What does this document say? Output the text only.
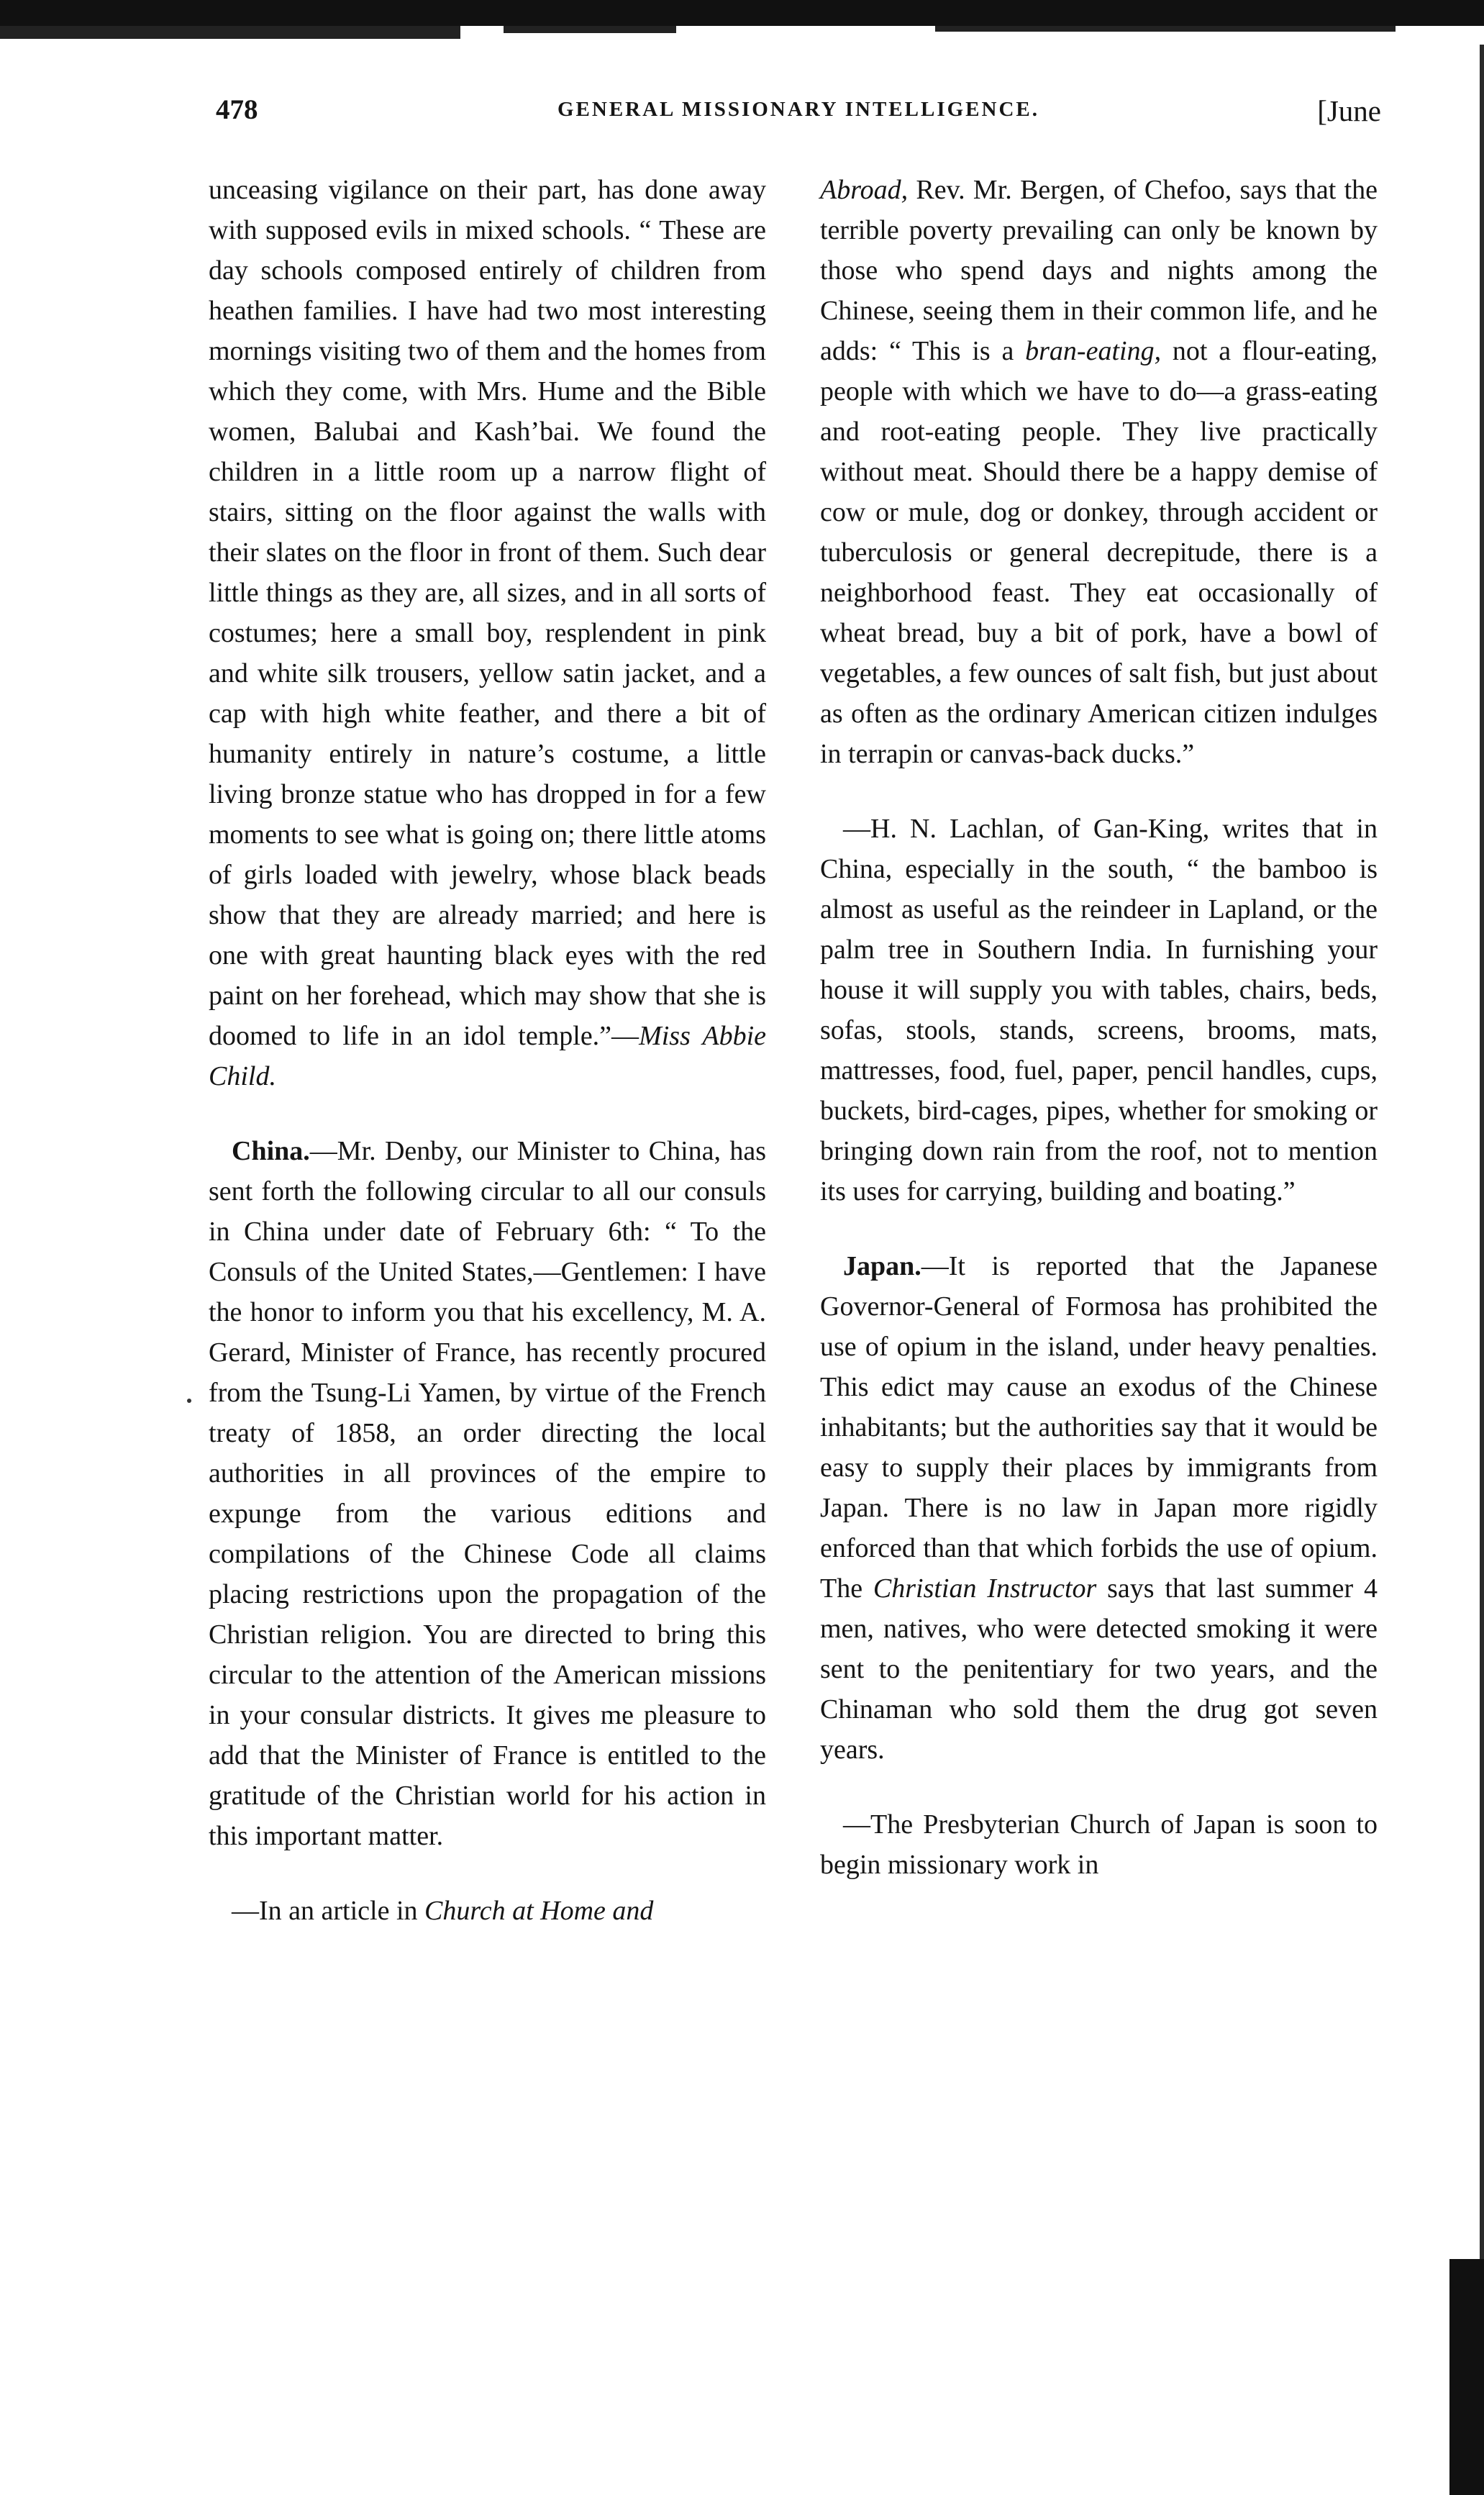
478	GENERAL MISSIONARY INTELLIGENCE.	[June

unceasing vigilance on their part, has done away with supposed evils in mixed schools. “ These are day schools composed entirely of children from heathen families. I have had two most interesting mornings visiting two of them and the homes from which they come, with Mrs. Hume and the Bible women, Balubai and Kash’bai. We found the children in a little room up a narrow flight of stairs, sitting on the floor against the walls with their slates on the floor in front of them. Such dear little things as they are, all sizes, and in all sorts of costumes; here a small boy, resplendent in pink and white silk trousers, yellow satin jacket, and a cap with high white feather, and there a bit of humanity entirely in nature’s costume, a little living bronze statue who has dropped in for a few moments to see what is going on; there little atoms of girls loaded with jewelry, whose black beads show that they are already married; and here is one with great haunting black eyes with the red paint on her forehead, which may show that she is doomed to life in an idol temple.”—Miss Abbie Child.

China.—Mr. Denby, our Minister to China, has sent forth the following circular to all our consuls in China under date of February 6th: “ To the Consuls of the United States,—Gentlemen: I have the honor to inform you that his excellency, M. A. Gerard, Minister of France, has recently procured from the Tsung-Li Yamen, by virtue of the French treaty of 1858, an order directing the local authorities in all provinces of the empire to expunge from the various editions and compilations of the Chinese Code all claims placing restrictions upon the propagation of the Christian religion. You are directed to bring this circular to the attention of the American missions in your consular districts. It gives me pleasure to add that the Minister of France is entitled to the gratitude of the Christian world for his action in this important matter.

—In an article in Church at Home and

Abroad, Rev. Mr. Bergen, of Chefoo, says that the terrible poverty prevailing can only be known by those who spend days and nights among the Chinese, seeing them in their common life, and he adds: “ This is a bran-eating, not a flour-eating, people with which we have to do—a grass-eating and root-eating people. They live practically without meat. Should there be a happy demise of cow or mule, dog or donkey, through accident or tuberculosis or general decrepitude, there is a neighborhood feast. They eat occasionally of wheat bread, buy a bit of pork, have a bowl of vegetables, a few ounces of salt fish, but just about as often as the ordinary American citizen indulges in terrapin or canvas-back ducks.”

—H. N. Lachlan, of Gan-King, writes that in China, especially in the south, “ the bamboo is almost as useful as the reindeer in Lapland, or the palm tree in Southern India. In furnishing your house it will supply you with tables, chairs, beds, sofas, stools, stands, screens, brooms, mats, mattresses, food, fuel, paper, pencil handles, cups, buckets, bird-cages, pipes, whether for smoking or bringing down rain from the roof, not to mention its uses for carrying, building and boating.”

Japan.—It is reported that the Japanese Governor-General of Formosa has prohibited the use of opium in the island, under heavy penalties. This edict may cause an exodus of the Chinese inhabitants; but the authorities say that it would be easy to supply their places by immigrants from Japan. There is no law in Japan more rigidly enforced than that which forbids the use of opium. The Christian Instructor says that last summer 4 men, natives, who were detected smoking it were sent to the penitentiary for two years, and the Chinaman who sold them the drug got seven years.

—The Presbyterian Church of Japan is soon to begin missionary work in
